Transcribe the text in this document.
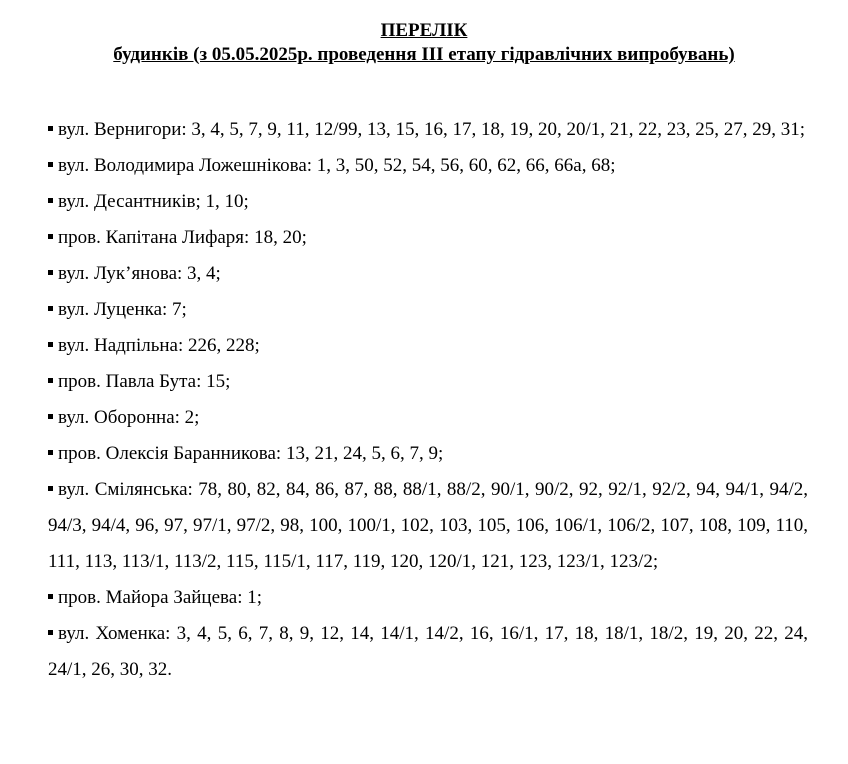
ПЕРЕЛІК
будинків (з 05.05.2025р. проведення ІІІ етапу гідравлічних випробувань)
вул. Вернигори: 3, 4, 5, 7, 9, 11, 12/99, 13, 15, 16, 17, 18, 19, 20, 20/1, 21, 22, 23, 25, 27, 29, 31;
вул. Володимира Ложешнікова: 1, 3, 50, 52, 54, 56, 60, 62, 66, 66а, 68;
вул. Десантників; 1, 10;
пров. Капітана Лифаря: 18, 20;
вул. Лук’янова: 3, 4;
вул. Луценка: 7;
вул. Надпільна: 226, 228;
пров. Павла Бута: 15;
вул. Оборонна: 2;
пров. Олексія Баранникова: 13, 21, 24, 5, 6, 7, 9;
вул. Смілянська: 78, 80, 82, 84, 86, 87, 88, 88/1, 88/2, 90/1, 90/2, 92, 92/1, 92/2, 94, 94/1, 94/2, 94/3, 94/4, 96, 97, 97/1, 97/2, 98, 100, 100/1, 102, 103, 105, 106, 106/1, 106/2, 107, 108, 109, 110, 111, 113, 113/1, 113/2, 115, 115/1, 117, 119, 120, 120/1, 121, 123, 123/1, 123/2;
пров. Майора Зайцева: 1;
вул. Хоменка: 3, 4, 5, 6, 7, 8, 9, 12, 14, 14/1, 14/2, 16, 16/1, 17, 18, 18/1, 18/2, 19, 20, 22, 24, 24/1, 26, 30, 32.
